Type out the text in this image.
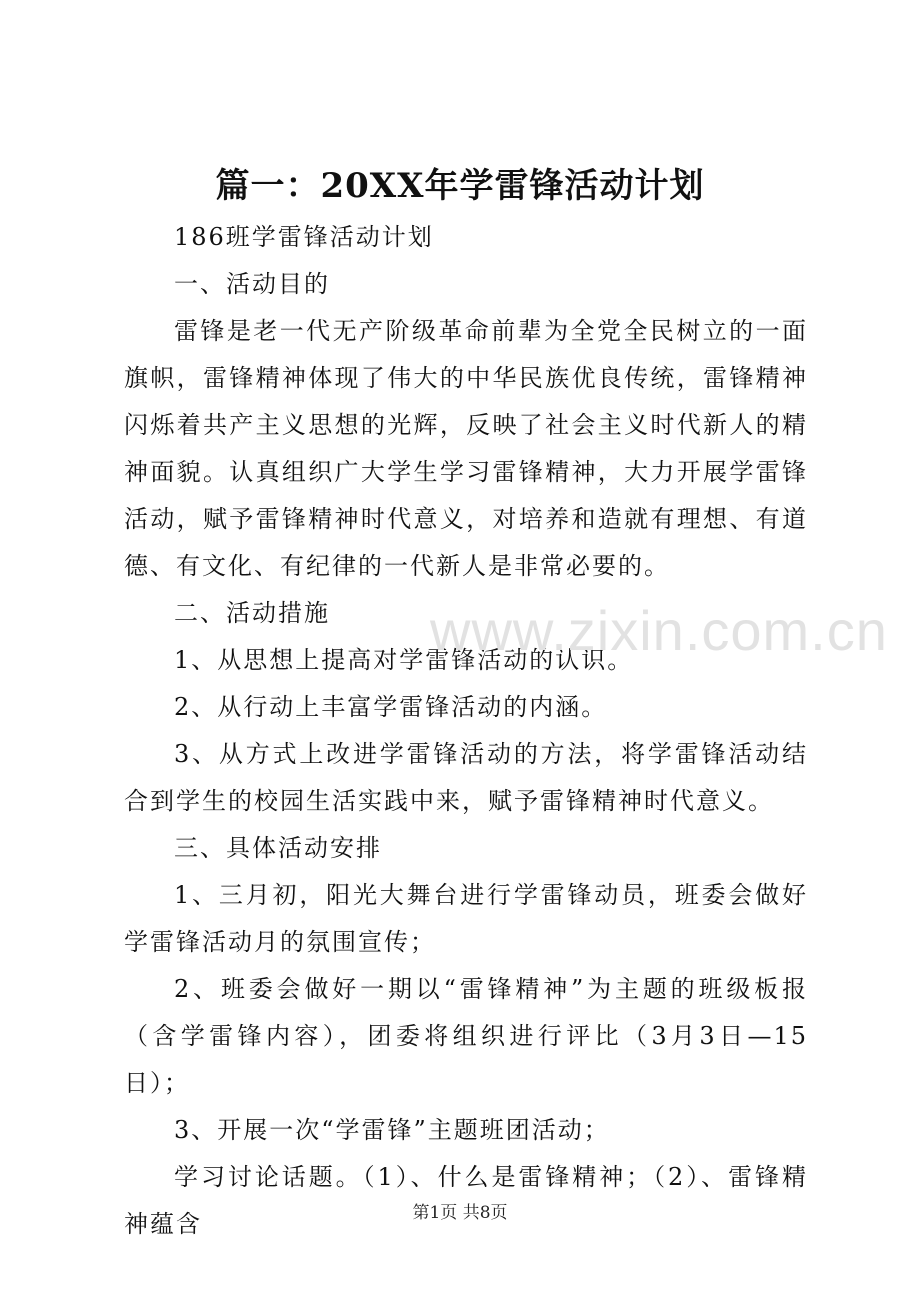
篇一：20XX年学雷锋活动计划

186班学雷锋活动计划

一、活动目的

雷锋是老一代无产阶级革命前辈为全党全民树立的一面旗帜，雷锋精神体现了伟大的中华民族优良传统，雷锋精神闪烁着共产主义思想的光辉，反映了社会主义时代新人的精神面貌。认真组织广大学生学习雷锋精神，大力开展学雷锋活动，赋予雷锋精神时代意义，对培养和造就有理想、有道德、有文化、有纪律的一代新人是非常必要的。

二、活动措施

1、从思想上提高对学雷锋活动的认识。

2、从行动上丰富学雷锋活动的内涵。

3、从方式上改进学雷锋活动的方法，将学雷锋活动结合到学生的校园生活实践中来，赋予雷锋精神时代意义。

三、具体活动安排

1、三月初，阳光大舞台进行学雷锋动员，班委会做好学雷锋活动月的氛围宣传；

2、班委会做好一期以“雷锋精神”为主题的班级板报（含学雷锋内容），团委将组织进行评比（3月3日—15日）；

3、开展一次“学雷锋”主题班团活动；

学习讨论话题。（1）、什么是雷锋精神；（2）、雷锋精神蕴含

www.zixin.com.cn
第1页 共8页
